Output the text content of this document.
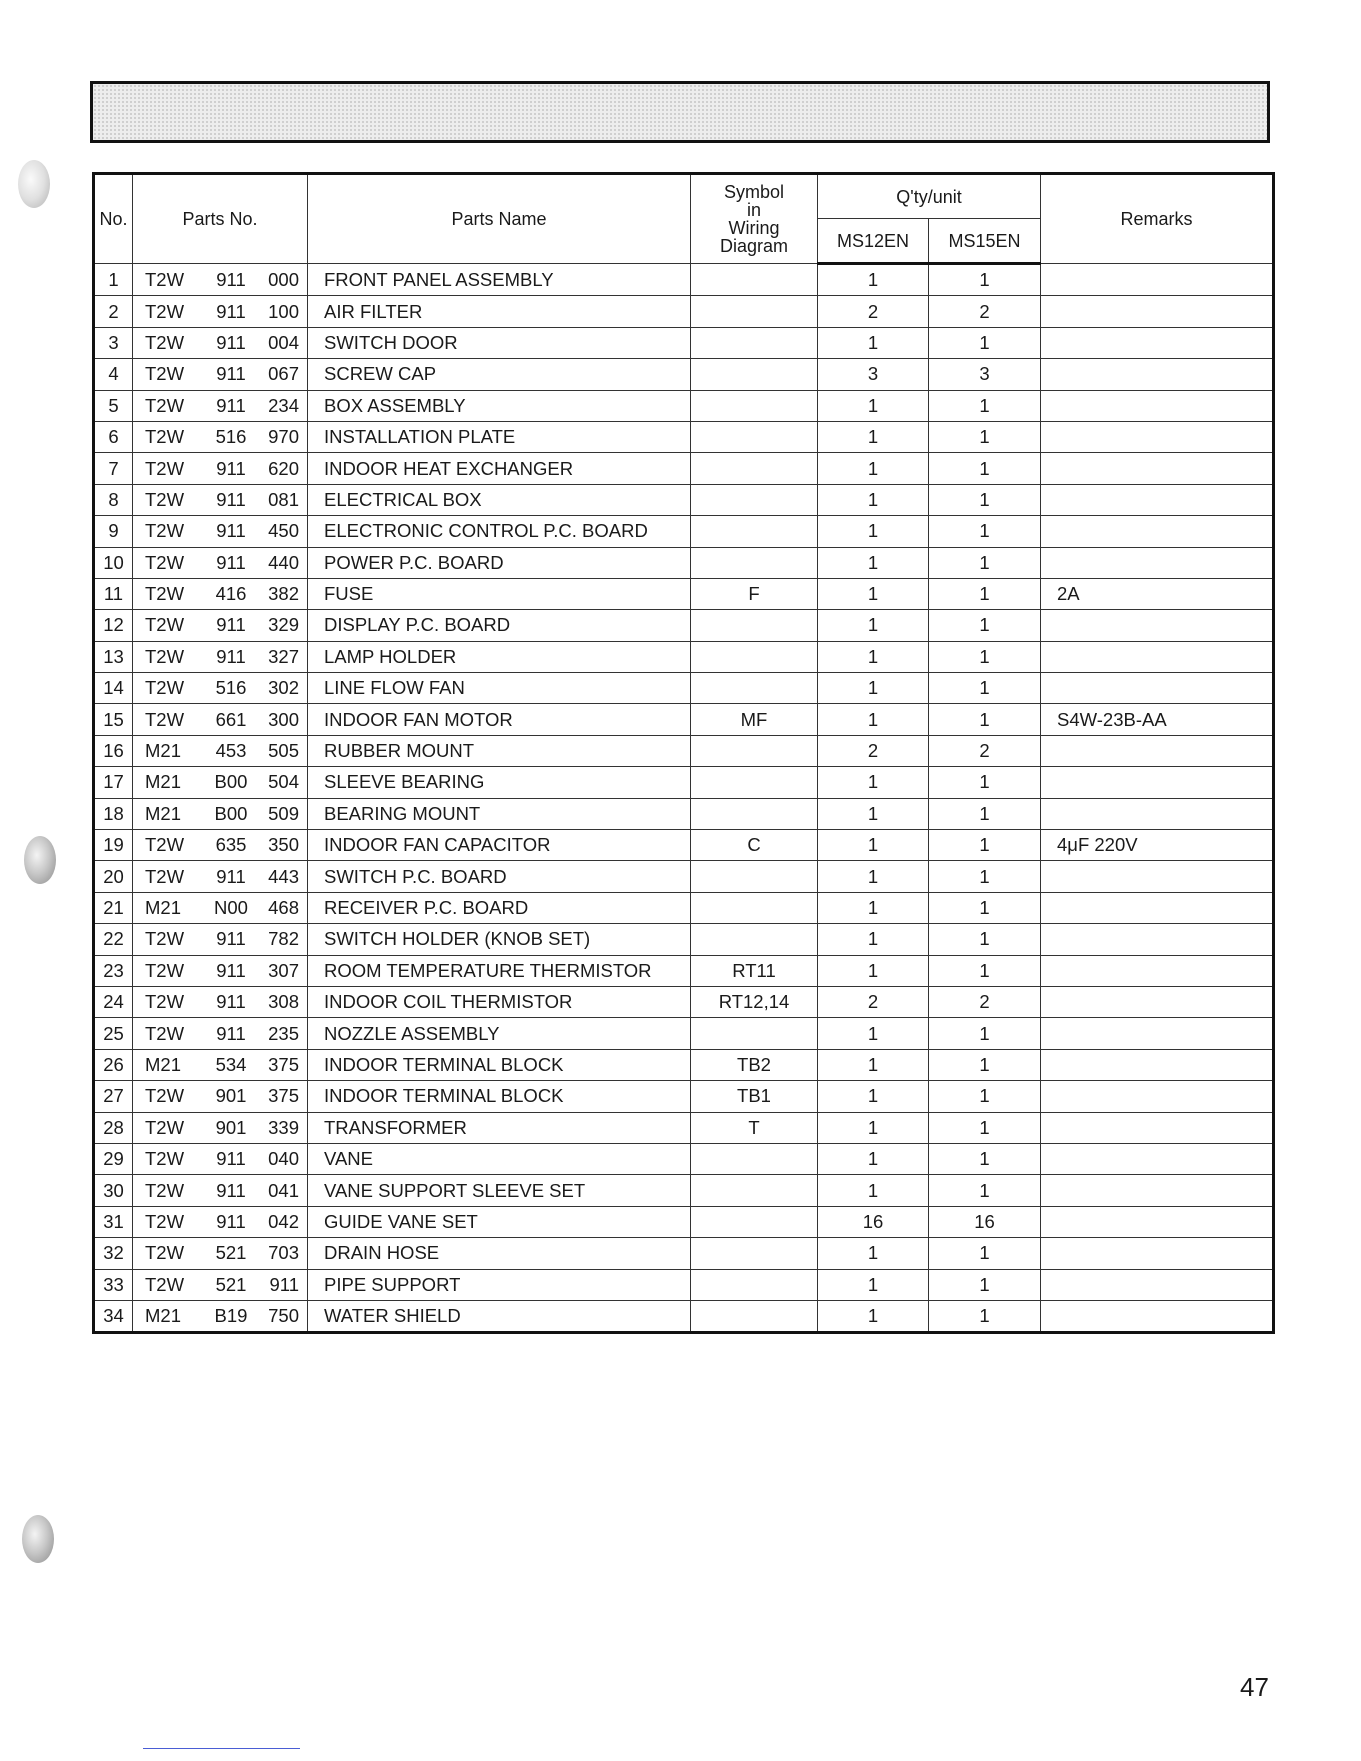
No.	Parts No.	Parts Name	Symbol
in
Wiring
Diagram	Q'ty/unit		Remarks
				MS12EN	MS15EN	
1	T2W 911 000	FRONT PANEL ASSEMBLY		1	1	
2	T2W 911 100	AIR FILTER		2	2	
3	T2W 911 004	SWITCH DOOR		1	1	
4	T2W 911 067	SCREW CAP		3	3	
5	T2W 911 234	BOX ASSEMBLY		1	1	
6	T2W 516 970	INSTALLATION PLATE		1	1	
7	T2W 911 620	INDOOR HEAT EXCHANGER		1	1	
8	T2W 911 081	ELECTRICAL BOX		1	1	
9	T2W 911 450	ELECTRONIC CONTROL P.C. BOARD		1	1	
10	T2W 911 440	POWER P.C. BOARD		1	1	
11	T2W 416 382	FUSE	F	1	1	2A
12	T2W 911 329	DISPLAY P.C. BOARD		1	1	
13	T2W 911 327	LAMP HOLDER		1	1	
14	T2W 516 302	LINE FLOW FAN		1	1	
15	T2W 661 300	INDOOR FAN MOTOR	MF	1	1	S4W-23B-AA
16	M21 453 505	RUBBER MOUNT		2	2	
17	M21 B00 504	SLEEVE BEARING		1	1	
18	M21 B00 509	BEARING MOUNT		1	1	
19	T2W 635 350	INDOOR FAN CAPACITOR	C	1	1	4μF 220V
20	T2W 911 443	SWITCH P.C. BOARD		1	1	
21	M21 N00 468	RECEIVER P.C. BOARD		1	1	
22	T2W 911 782	SWITCH HOLDER (KNOB SET)		1	1	
23	T2W 911 307	ROOM TEMPERATURE THERMISTOR	RT11	1	1	
24	T2W 911 308	INDOOR COIL THERMISTOR	RT12,14	2	2	
25	T2W 911 235	NOZZLE ASSEMBLY		1	1	
26	M21 534 375	INDOOR TERMINAL BLOCK	TB2	1	1	
27	T2W 901 375	INDOOR TERMINAL BLOCK	TB1	1	1	
28	T2W 901 339	TRANSFORMER	T	1	1	
29	T2W 911 040	VANE		1	1	
30	T2W 911 041	VANE SUPPORT SLEEVE SET		1	1	
31	T2W 911 042	GUIDE VANE SET		16	16	
32	T2W 521 703	DRAIN HOSE		1	1	
33	T2W 521 911	PIPE SUPPORT		1	1	
34	M21 B19 750	WATER SHIELD		1	1	
47
